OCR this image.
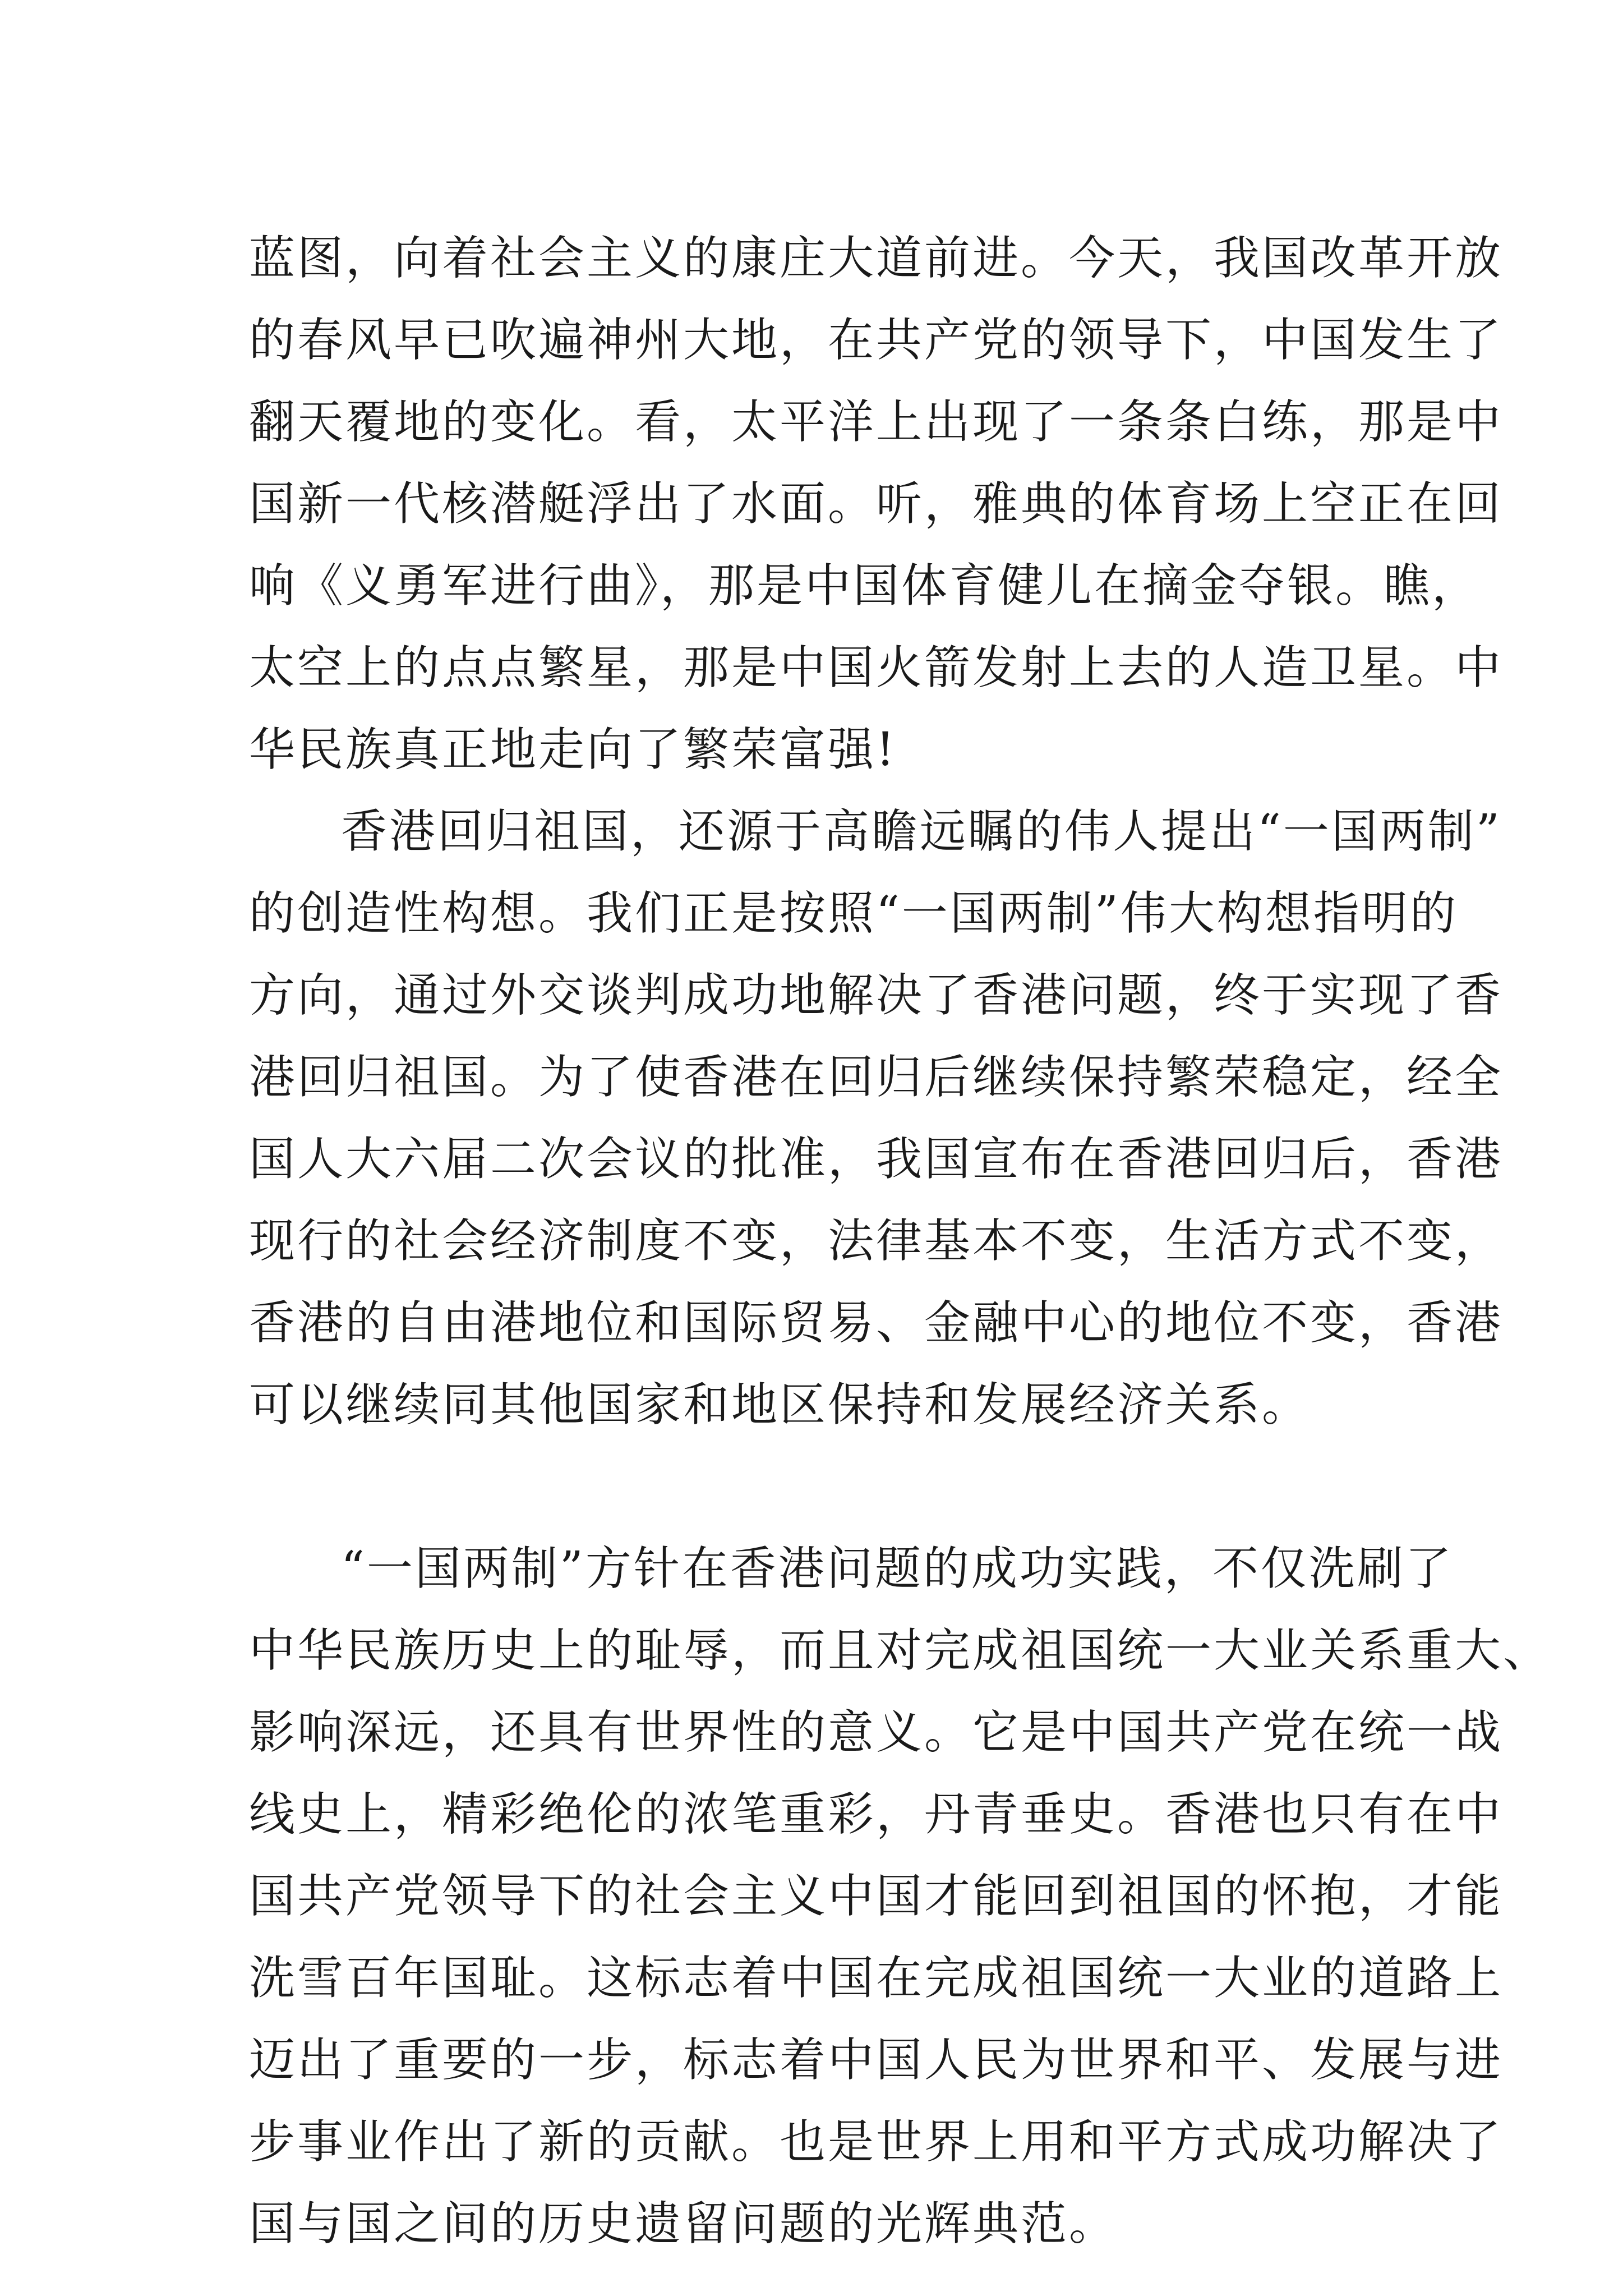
蓝图，向着社会主义的康庄大道前进。今天，我国改革开放
的春风早已吹遍神州大地，在共产党的领导下，中国发生了
翻天覆地的变化。看，太平洋上出现了一条条白练，那是中
国新一代核潜艇浮出了水面。听，雅典的体育场上空正在回
响《义勇军进行曲》，那是中国体育健儿在摘金夺银。瞧，
太空上的点点繁星，那是中国火箭发射上去的人造卫星。中
华民族真正地走向了繁荣富强!
香港回归祖国，还源于高瞻远瞩的伟人提出“一国两制”
的创造性构想。我们正是按照“一国两制”伟大构想指明的
方向，通过外交谈判成功地解决了香港问题，终于实现了香
港回归祖国。为了使香港在回归后继续保持繁荣稳定，经全
国人大六届二次会议的批准，我国宣布在香港回归后，香港
现行的社会经济制度不变，法律基本不变，生活方式不变，
香港的自由港地位和国际贸易、金融中心的地位不变，香港
可以继续同其他国家和地区保持和发展经济关系。
“一国两制”方针在香港问题的成功实践，不仅洗刷了
中华民族历史上的耻辱，而且对完成祖国统一大业关系重大、
影响深远，还具有世界性的意义。它是中国共产党在统一战
线史上，精彩绝伦的浓笔重彩，丹青垂史。香港也只有在中
国共产党领导下的社会主义中国才能回到祖国的怀抱，才能
洗雪百年国耻。这标志着中国在完成祖国统一大业的道路上
迈出了重要的一步，标志着中国人民为世界和平、发展与进
步事业作出了新的贡献。也是世界上用和平方式成功解决了
国与国之间的历史遗留问题的光辉典范。
